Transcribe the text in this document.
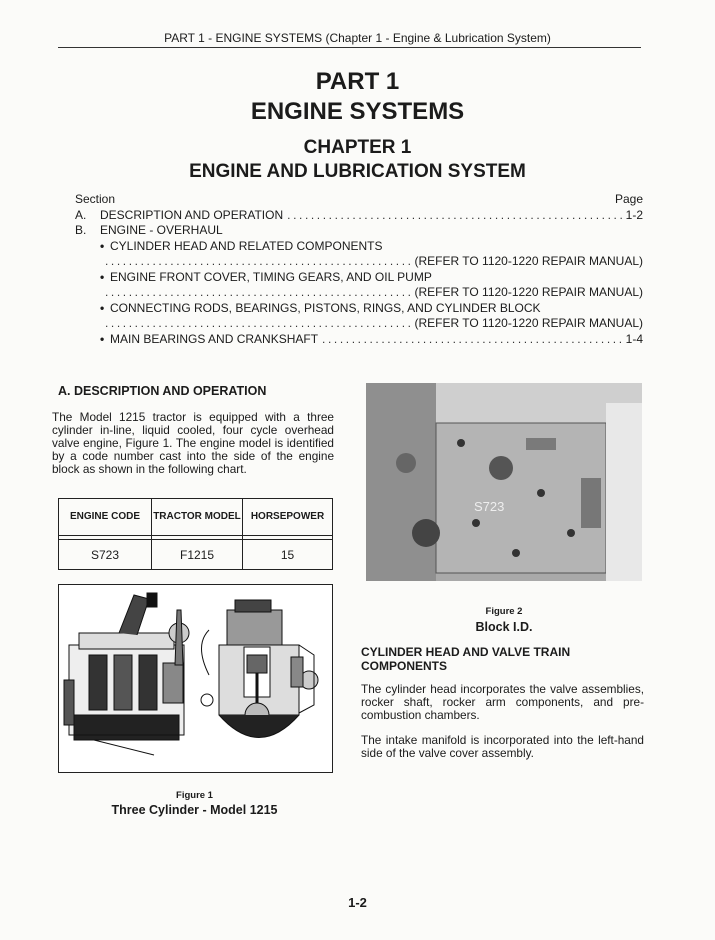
PART 1 - ENGINE SYSTEMS (Chapter 1 - Engine & Lubrication System)
PART 1
ENGINE SYSTEMS
CHAPTER 1
ENGINE AND LUBRICATION SYSTEM
Section	Page
A.	DESCRIPTION AND OPERATION .....	1-2
B.	ENGINE - OVERHAUL
• CYLINDER HEAD AND RELATED COMPONENTS
.....
(REFER TO 1120-1220 REPAIR MANUAL)
• ENGINE FRONT COVER, TIMING GEARS, AND OIL PUMP
.....
(REFER TO 1120-1220 REPAIR MANUAL)
• CONNECTING RODS, BEARINGS, PISTONS, RINGS, AND CYLINDER BLOCK
.....
(REFER TO 1120-1220 REPAIR MANUAL)
• MAIN BEARINGS AND CRANKSHAFT .....	1-4
A. DESCRIPTION AND OPERATION
The Model 1215 tractor is equipped with a three cylinder in-line, liquid cooled, four cycle overhead valve engine, Figure 1. The engine model is identified by a code number cast into the side of the engine block as shown in the following chart.
ENGINE CODE	TRACTOR MODEL	HORSEPOWER

S723	F1215	15
Figure 1
Three Cylinder - Model 1215
S723
Figure 2
Block I.D.
CYLINDER HEAD AND VALVE TRAIN COMPONENTS
The cylinder head incorporates the valve assemblies, rocker shaft, rocker arm components, and pre-combustion chambers.
The intake manifold is incorporated into the left-hand side of the valve cover assembly.
1-2
